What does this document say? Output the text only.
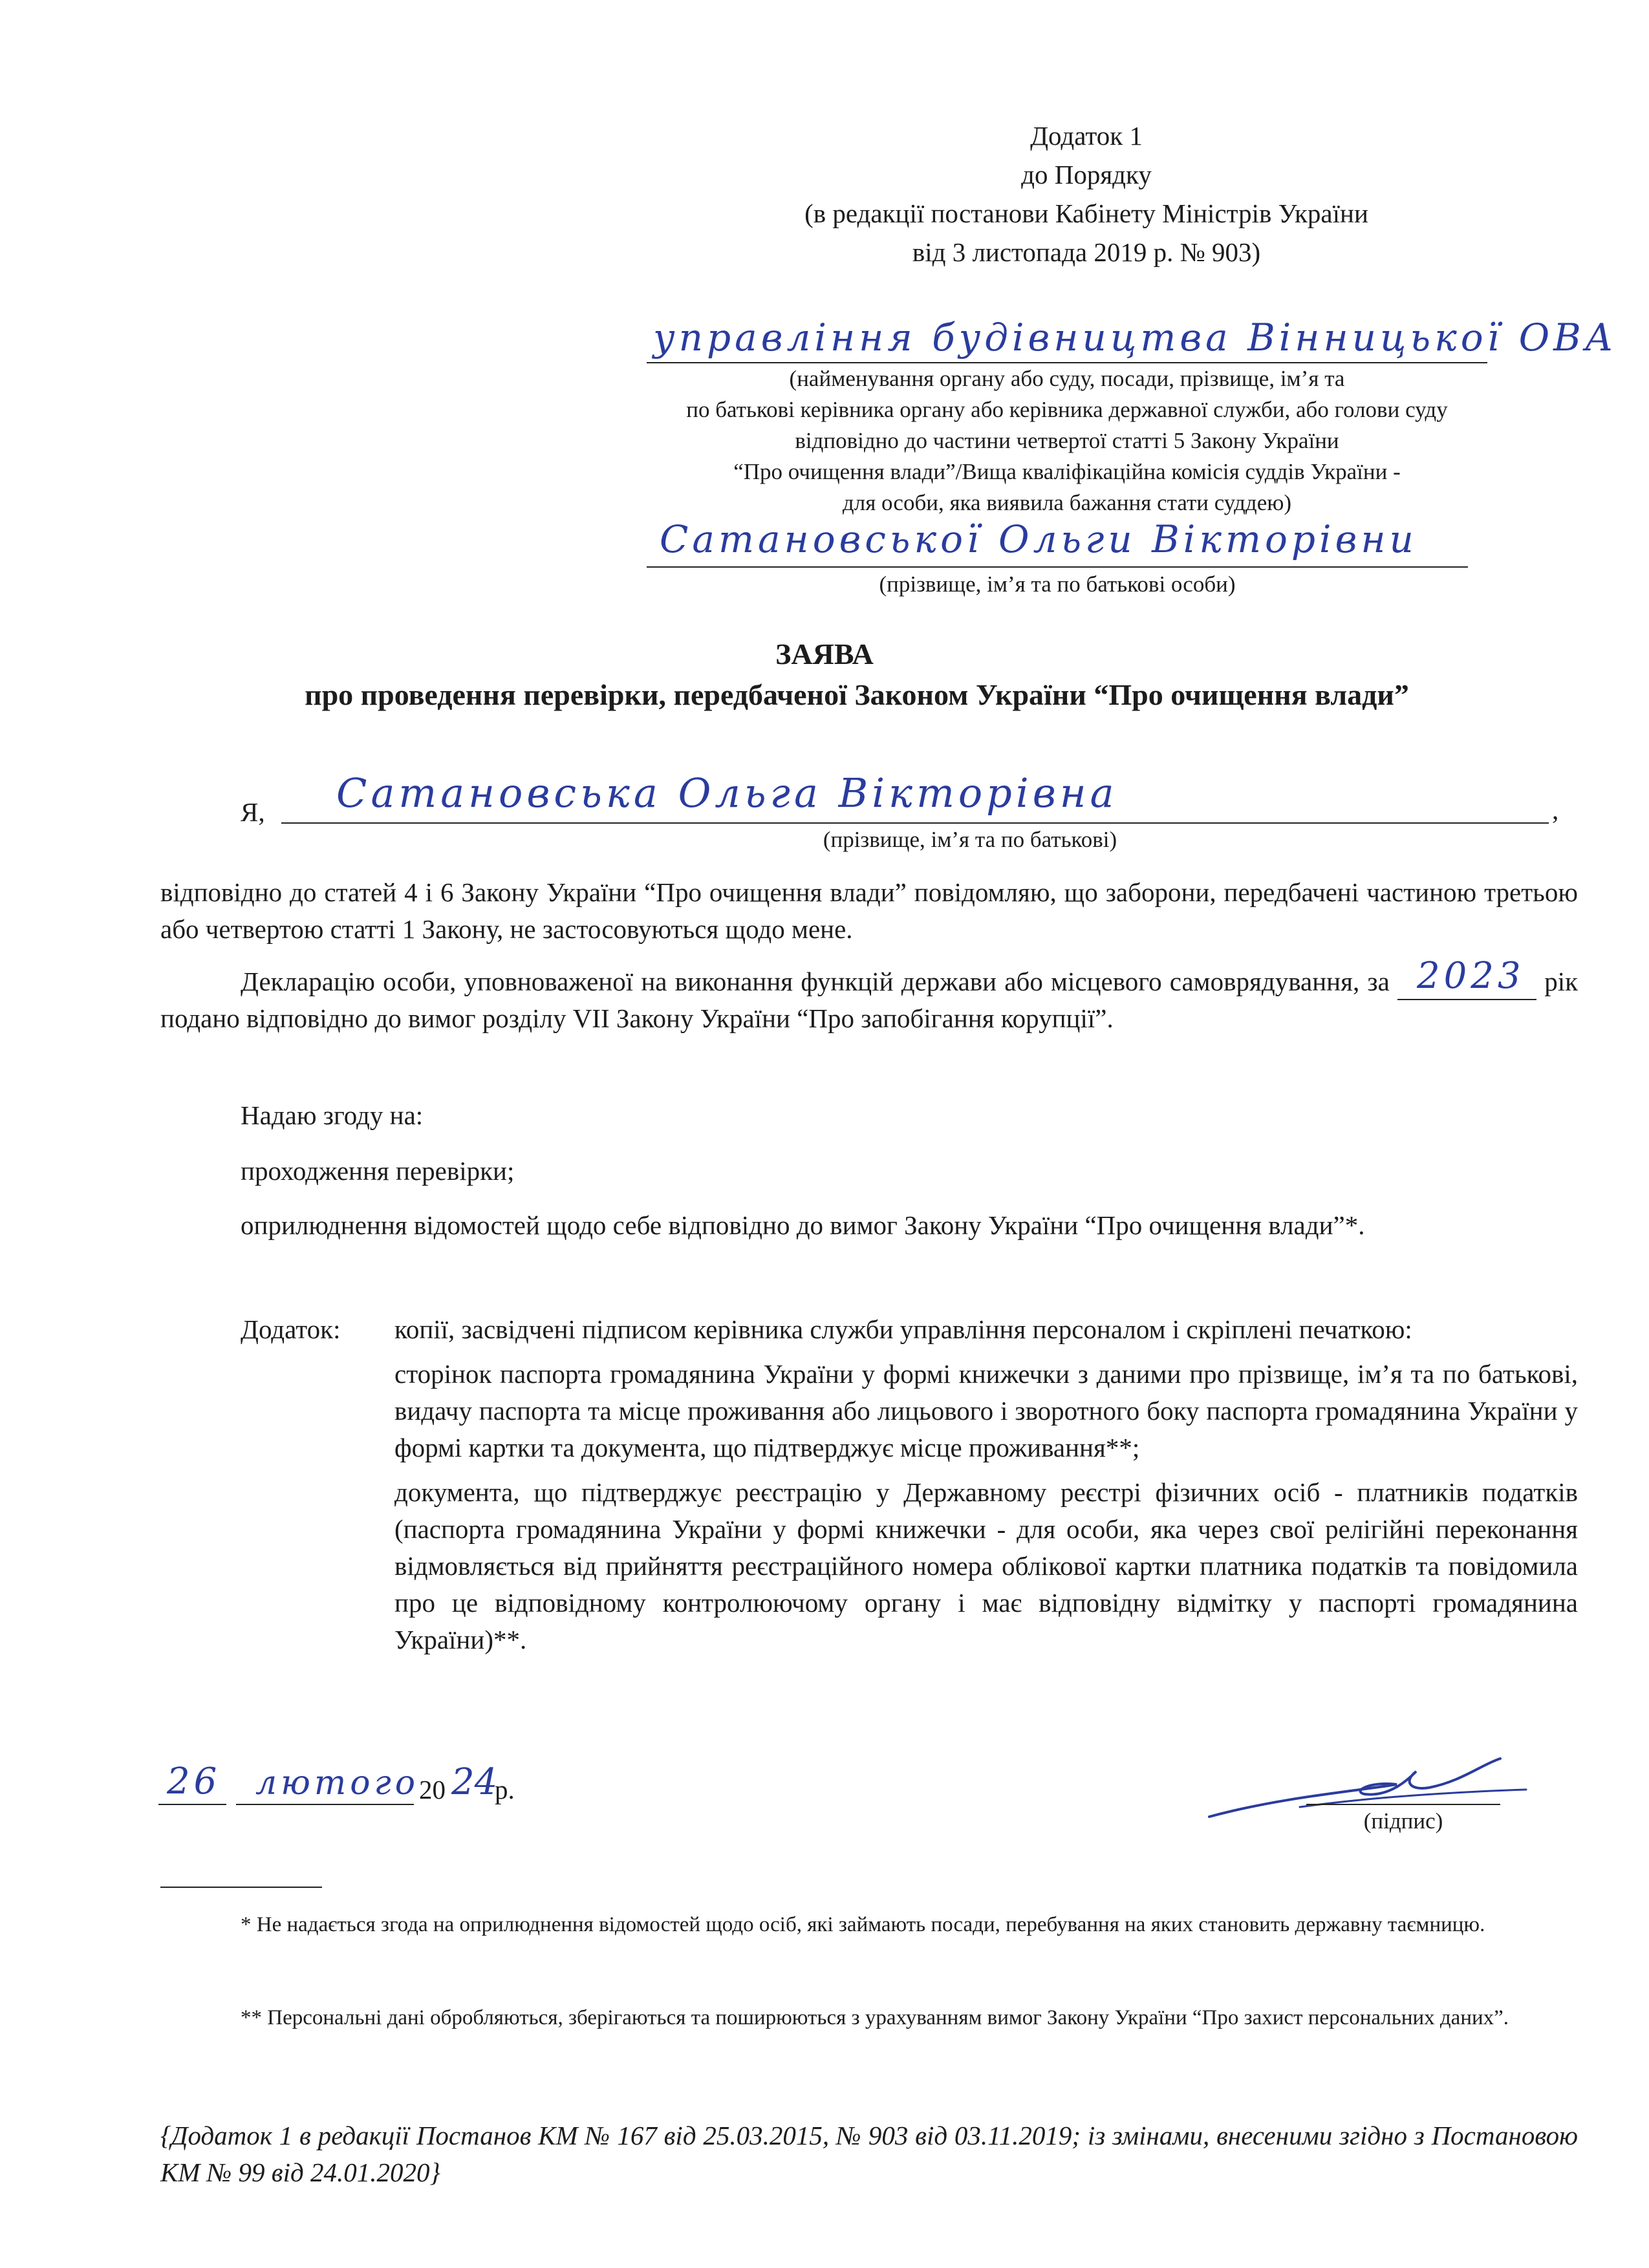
Додаток 1
до Порядку
(в редакції постанови Кабінету Міністрів України
від 3 листопада 2019 р. № 903)
управління будівництва Вінницької ОВА
(найменування органу або суду, посади, прізвище, ім’я та
по батькові керівника органу або керівника державної служби, або голови суду
відповідно до частини четвертої статті 5 Закону України
“Про очищення влади”/Вища кваліфікаційна комісія суддів України -
для особи, яка виявила бажання стати суддею)
Сатановської Ольги Вікторівни
(прізвище, ім’я та по батькові особи)
ЗАЯВА
про проведення перевірки, передбаченої Законом України “Про очищення влади”
Я, Сатановська Ольга Вікторівна	,
(прізвище, ім’я та по батькові)
відповідно до статей 4 і 6 Закону України “Про очищення влади” повідомляю, що заборони, передбачені частиною третьою або четвертою статті 1 Закону, не застосовуються щодо мене.
Декларацію особи, уповноваженої на виконання функцій держави або місцевого самоврядування, за 2023 рік подано відповідно до вимог розділу VII Закону України “Про запобігання корупції”.
Надаю згоду на:
проходження перевірки;
оприлюднення відомостей щодо себе відповідно до вимог Закону України “Про очищення влади”*.
Додаток: копії, засвідчені підписом керівника служби управління персоналом і скріплені печаткою:
сторінок паспорта громадянина України у формі книжечки з даними про прізвище, ім’я та по батькові, видачу паспорта та місце проживання або лицьового і зворотного боку паспорта громадянина України у формі картки та документа, що підтверджує місце проживання**;
документа, що підтверджує реєстрацію у Державному реєстрі фізичних осіб - платників податків (паспорта громадянина України у формі книжечки - для особи, яка через свої релігійні переконання відмовляється від прийняття реєстраційного номера облікової картки платника податків та повідомила про це відповідному контролюючому органу і має відповідну відмітку у паспорті громадянина України)**.
26 лютого 20 24
р.
(підпис)
* Не надається згода на оприлюднення відомостей щодо осіб, які займають посади, перебування на яких становить державну таємницю.
** Персональні дані обробляються, зберігаються та поширюються з урахуванням вимог Закону України “Про захист персональних даних”.
{Додаток 1 в редакції Постанов КМ № 167 від 25.03.2015, № 903 від 03.11.2019; із змінами, внесеними згідно з Постановою КМ № 99 від 24.01.2020}
